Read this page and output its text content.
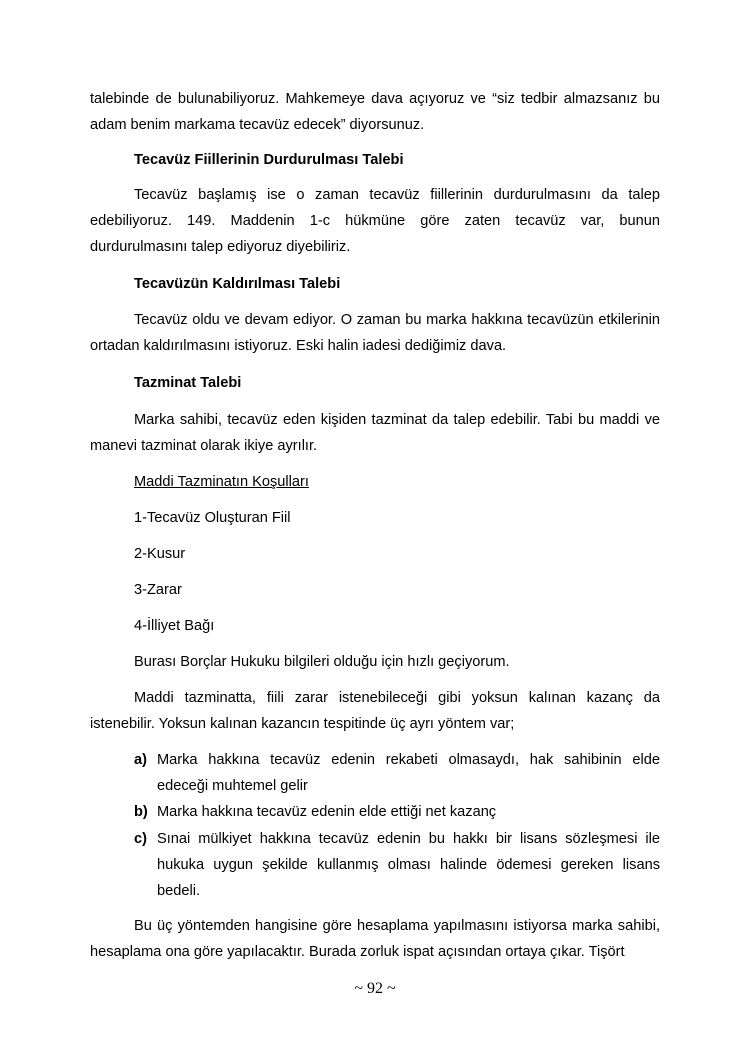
talebinde de bulunabiliyoruz. Mahkemeye dava açıyoruz ve “siz tedbir almazsanız bu adam benim markama tecavüz edecek” diyorsunuz.

Tecavüz Fiillerinin Durdurulması Talebi

Tecavüz başlamış ise o zaman tecavüz fiillerinin durdurulmasını da talep edebiliyoruz. 149. Maddenin 1-c hükmüne göre zaten tecavüz var, bunun durdurulmasını talep ediyoruz diyebiliriz.

Tecavüzün Kaldırılması Talebi

Tecavüz oldu ve devam ediyor. O zaman bu marka hakkına tecavüzün etkilerinin ortadan kaldırılmasını istiyoruz. Eski halin iadesi dediğimiz dava.

Tazminat Talebi

Marka sahibi, tecavüz eden kişiden tazminat da talep edebilir. Tabi bu maddi ve manevi tazminat olarak ikiye ayrılır.

Maddi Tazminatın Koşulları

1-Tecavüz Oluşturan Fiil

2-Kusur

3-Zarar

4-İlliyet Bağı

Burası Borçlar Hukuku bilgileri olduğu için hızlı geçiyorum.

Maddi tazminatta, fiili zarar istenebileceği gibi yoksun kalınan kazanç da istenebilir. Yoksun kalınan kazancın tespitinde üç ayrı yöntem var;

a) Marka hakkına tecavüz edenin rekabeti olmasaydı, hak sahibinin elde edeceği muhtemel gelir
b) Marka hakkına tecavüz edenin elde ettiği net kazanç
c) Sınai mülkiyet hakkına tecavüz edenin bu hakkı bir lisans sözleşmesi ile hukuka uygun şekilde kullanmış olması halinde ödemesi gereken lisans bedeli.

Bu üç yöntemden hangisine göre hesaplama yapılmasını istiyorsa marka sahibi, hesaplama ona göre yapılacaktır. Burada zorluk ispat açısından ortaya çıkar. Tişört

~ 92 ~
